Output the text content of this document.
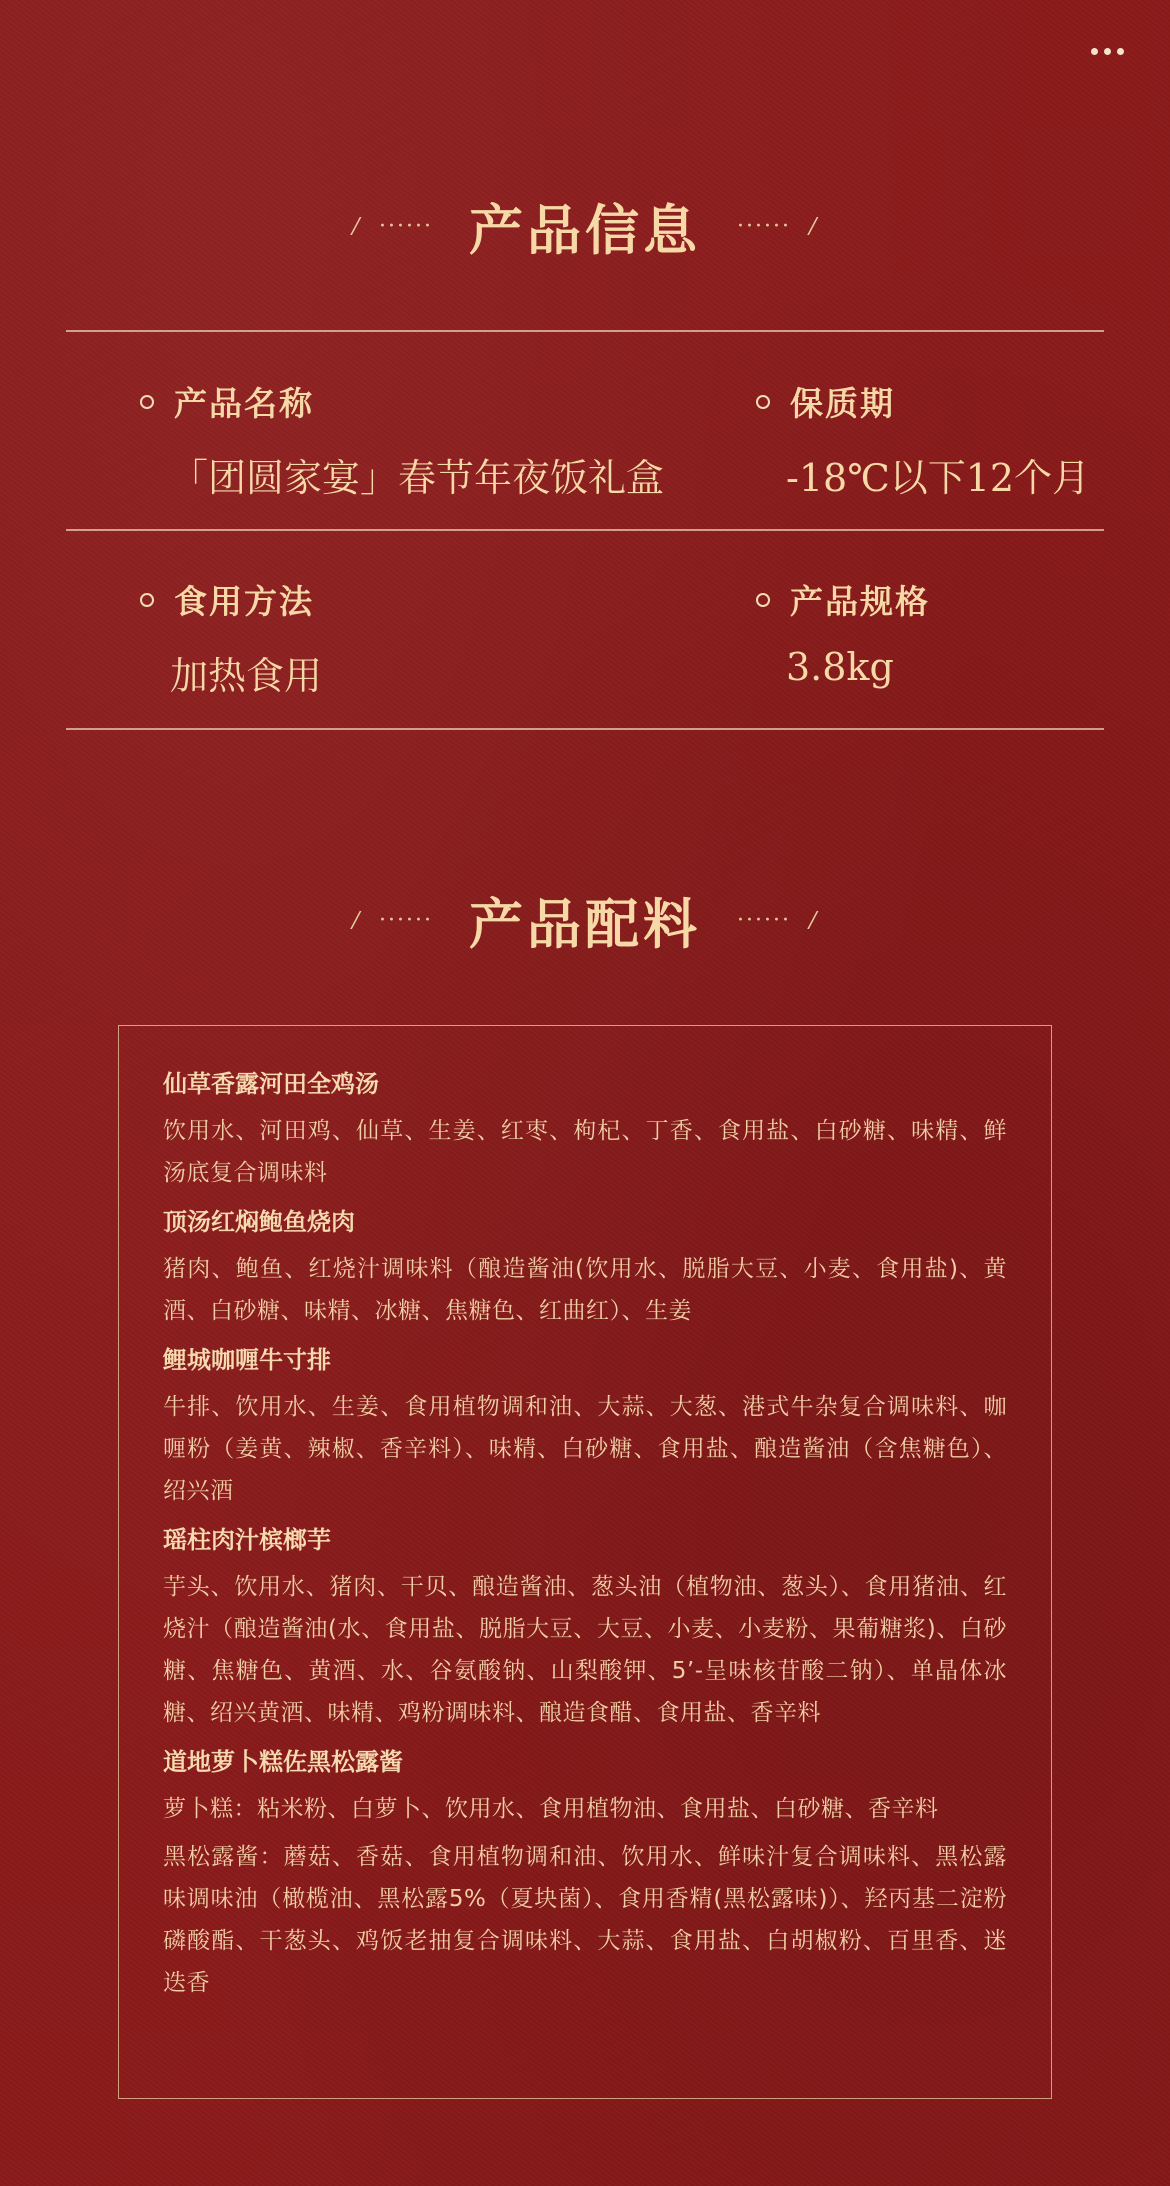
/ ······ 产品信息 ······ /
产品名称
「团圆家宴」春节年夜饭礼盒
保质期
-18℃以下12个月
食用方法
加热食用
产品规格
3.8kg
/ ······ 产品配料 ······ /
仙草香露河田全鸡汤
饮用水、河田鸡、仙草、生姜、红枣、枸杞、丁香、食用盐、白砂糖、味精、鲜汤底复合调味料
顶汤红焖鲍鱼烧肉
猪肉、鲍鱼、红烧汁调味料（酿造酱油(饮用水、脱脂大豆、小麦、食用盐)、黄酒、白砂糖、味精、冰糖、焦糖色、红曲红）、生姜
鲤城咖喱牛寸排
牛排、饮用水、生姜、食用植物调和油、大蒜、大葱、港式牛杂复合调味料、咖喱粉（姜黄、辣椒、香辛料）、味精、白砂糖、食用盐、酿造酱油（含焦糖色）、绍兴酒
瑶柱肉汁槟榔芋
芋头、饮用水、猪肉、干贝、酿造酱油、葱头油（植物油、葱头）、食用猪油、红烧汁（酿造酱油(水、食用盐、脱脂大豆、大豆、小麦、小麦粉、果葡糖浆)、白砂糖、焦糖色、黄酒、水、谷氨酸钠、山梨酸钾、5’-呈味核苷酸二钠）、单晶体冰糖、绍兴黄酒、味精、鸡粉调味料、酿造食醋、食用盐、香辛料
道地萝卜糕佐黑松露酱
萝卜糕：粘米粉、白萝卜、饮用水、食用植物油、食用盐、白砂糖、香辛料
黑松露酱：蘑菇、香菇、食用植物调和油、饮用水、鲜味汁复合调味料、黑松露味调味油（橄榄油、黑松露5%（夏块菌）、食用香精(黑松露味)）、羟丙基二淀粉磷酸酯、干葱头、鸡饭老抽复合调味料、大蒜、食用盐、白胡椒粉、百里香、迷迭香
